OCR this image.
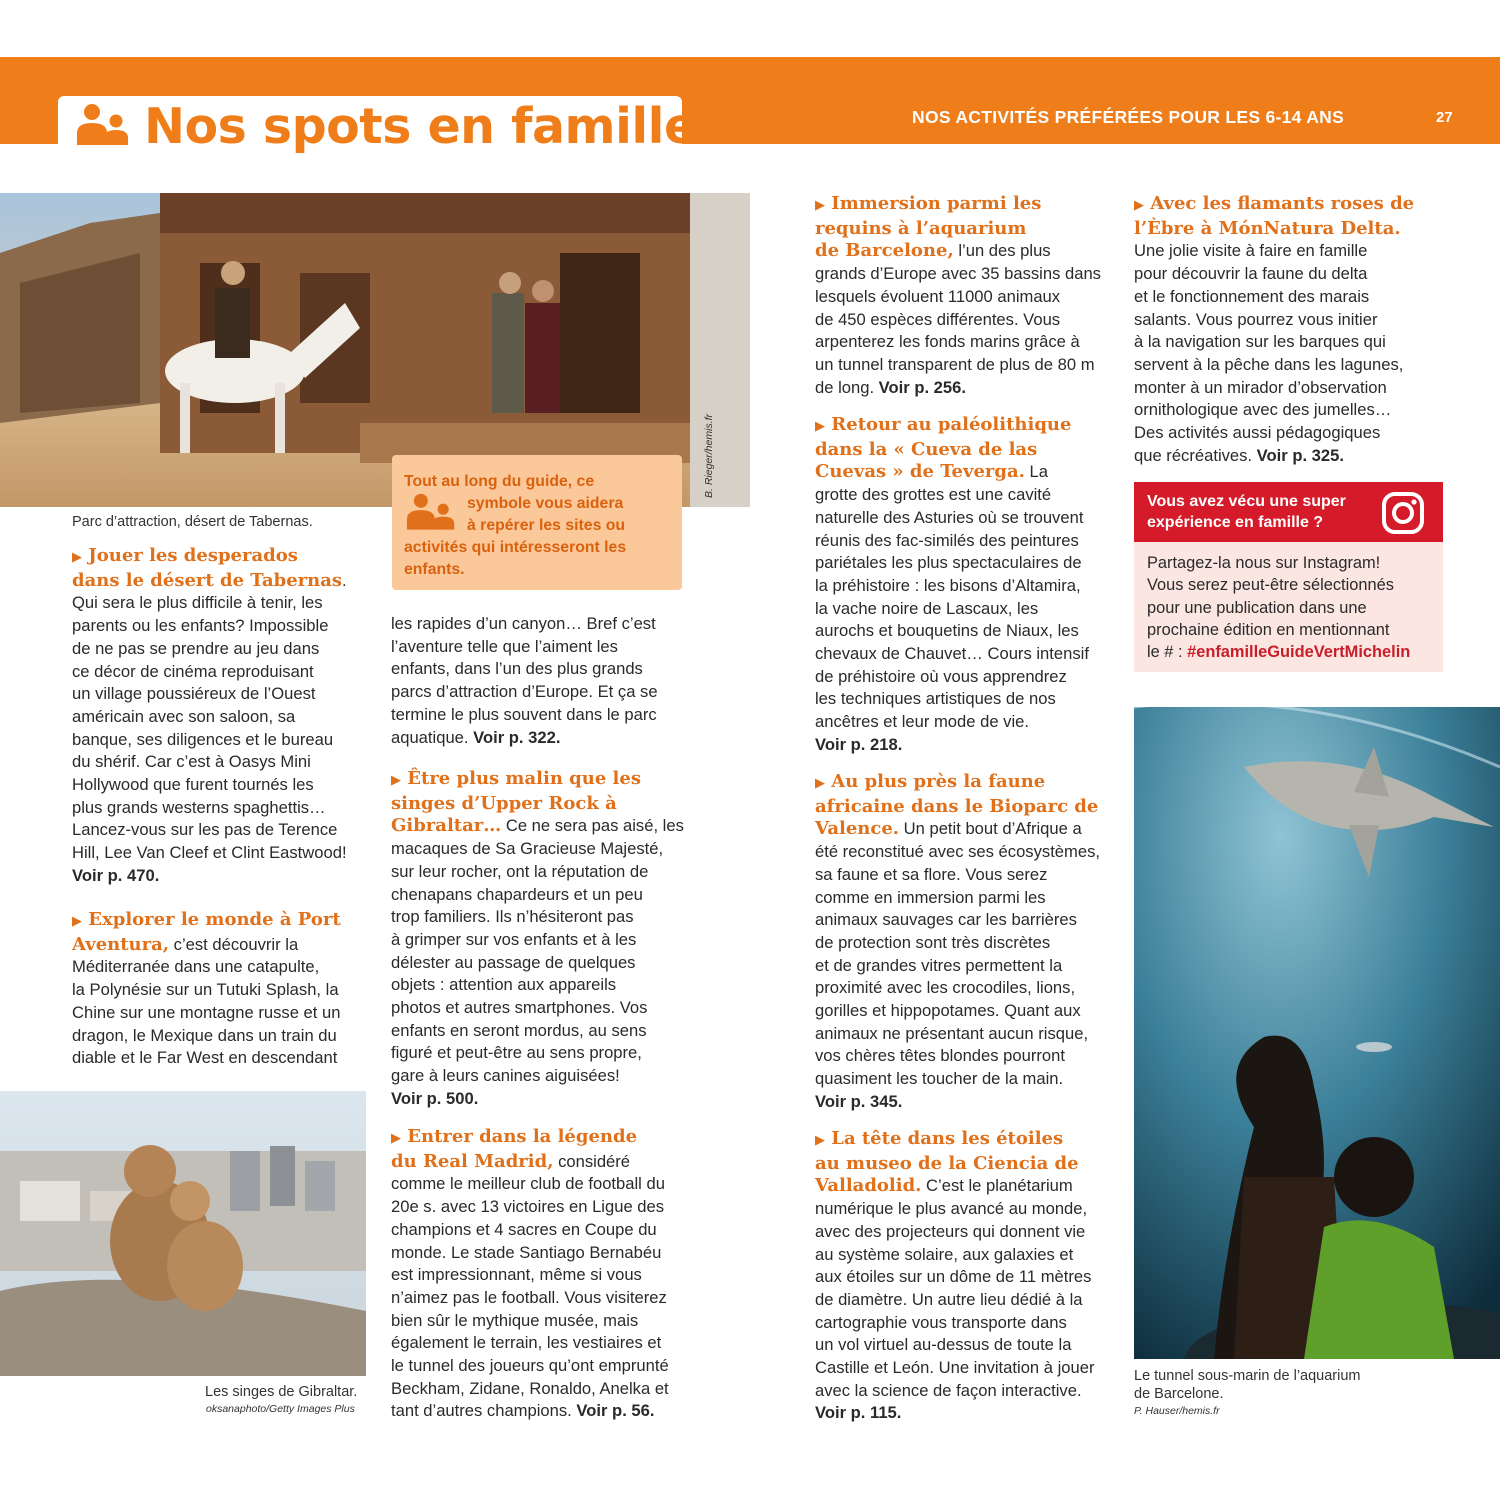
Nos spots en famille	NOS ACTIVITÉS PRÉFÉRÉES POUR LES 6-14 ANS	27
B. Rieger/hemis.fr
Parc d’attraction, désert de Tabernas.
Tout au long du guide, ce
symbole vous aidera
à repérer les sites ou
activités qui intéresseront les
enfants.

▶ Jouer les desperados

dans le désert de Tabernas.

Qui sera le plus difficile à tenir, les
parents ou les enfants? Impossible
de ne pas se prendre au jeu dans
ce décor de cinéma reproduisant
un village poussiéreux de l’Ouest
américain avec son saloon, sa
banque, ses diligences et le bureau
du shérif. Car c’est à Oasys Mini
Hollywood que furent tournés les
plus grands westerns spaghettis…
Lancez-vous sur les pas de Terence
Hill, Lee Van Cleef et Clint Eastwood!

Voir p. 470.

▶ Explorer le monde à Port

Aventura, c’est découvrir la

Méditerranée dans une catapulte,
la Polynésie sur un Tutuki Splash, la
Chine sur une montagne russe et un
dragon, le Mexique dans un train du
diable et le Far West en descendant
Les singes de Gibraltar.
oksanaphoto/Getty Images Plus
les rapides d’un canyon… Bref c’est
l’aventure telle que l’aiment les
enfants, dans l’un des plus grands
parcs d’attraction d’Europe. Et ça se
termine le plus souvent dans le parc

aquatique. Voir p. 322.

▶ Être plus malin que les

singes d’Upper Rock à

Gibraltar… Ce ne sera pas aisé, les

macaques de Sa Gracieuse Majesté,
sur leur rocher, ont la réputation de
chenapans chapardeurs et un peu
trop familiers. Ils n’hésiteront pas
à grimper sur vos enfants et à les
délester au passage de quelques
objets : attention aux appareils
photos et autres smartphones. Vos
enfants en seront mordus, au sens
figuré et peut-être au sens propre,
gare à leurs canines aiguisées!

Voir p. 500.

▶ Entrer dans la légende

du Real Madrid, considéré

comme le meilleur club de football du
20e s. avec 13 victoires en Ligue des
champions et 4 sacres en Coupe du
monde. Le stade Santiago Bernabéu
est impressionnant, même si vous
n’aimez pas le football. Vous visiterez
bien sûr le mythique musée, mais
également le terrain, les vestiaires et
le tunnel des joueurs qu’ont emprunté
Beckham, Zidane, Ronaldo, Anelka et

tant d’autres champions. Voir p. 56.

▶ Immersion parmi les

requins à l’aquarium

de Barcelone, l’un des plus

grands d’Europe avec 35 bassins dans
lesquels évoluent 11000 animaux
de 450 espèces différentes. Vous
arpenterez les fonds marins grâce à
un tunnel transparent de plus de 80 m

de long. Voir p. 256.

▶ Retour au paléolithique

dans la « Cueva de las

Cuevas » de Teverga. La

grotte des grottes est une cavité
naturelle des Asturies où se trouvent
réunis des fac-similés des peintures
pariétales les plus spectaculaires de
la préhistoire : les bisons d’Altamira,
la vache noire de Lascaux, les
aurochs et bouquetins de Niaux, les
chevaux de Chauvet… Cours intensif
de préhistoire où vous apprendrez
les techniques artistiques de nos
ancêtres et leur mode de vie.

Voir p. 218.

▶ Au plus près la faune

africaine dans le Bioparc de

Valence. Un petit bout d’Afrique a

été reconstitué avec ses écosystèmes,
sa faune et sa flore. Vous serez
comme en immersion parmi les
animaux sauvages car les barrières
de protection sont très discrètes
et de grandes vitres permettent la
proximité avec les crocodiles, lions,
gorilles et hippopotames. Quant aux
animaux ne présentant aucun risque,
vos chères têtes blondes pourront
quasiment les toucher de la main.

Voir p. 345.

▶ La tête dans les étoiles

au museo de la Ciencia de

Valladolid. C’est le planétarium

numérique le plus avancé au monde,
avec des projecteurs qui donnent vie
au système solaire, aux galaxies et
aux étoiles sur un dôme de 11 mètres
de diamètre. Un autre lieu dédié à la
cartographie vous transporte dans
un vol virtuel au-dessus de toute la
Castille et León. Une invitation à jouer
avec la science de façon interactive.

Voir p. 115.

▶ Avec les flamants roses de

l’Èbre à MónNatura Delta.

Une jolie visite à faire en famille
pour découvrir la faune du delta
et le fonctionnement des marais
salants. Vous pourrez vous initier
à la navigation sur les barques qui
servent à la pêche dans les lagunes,
monter à un mirador d’observation
ornithologique avec des jumelles…
Des activités aussi pédagogiques

que récréatives. Voir p. 325.

Vous avez vécu une super
expérience en famille ?
Partagez-la nous sur Instagram!
Vous serez peut-être sélectionnés
pour une publication dans une
prochaine édition en mentionnant
le # : #enfamilleGuideVertMichelin
Le tunnel sous-marin de l’aquarium
de Barcelone.
P. Hauser/hemis.fr
